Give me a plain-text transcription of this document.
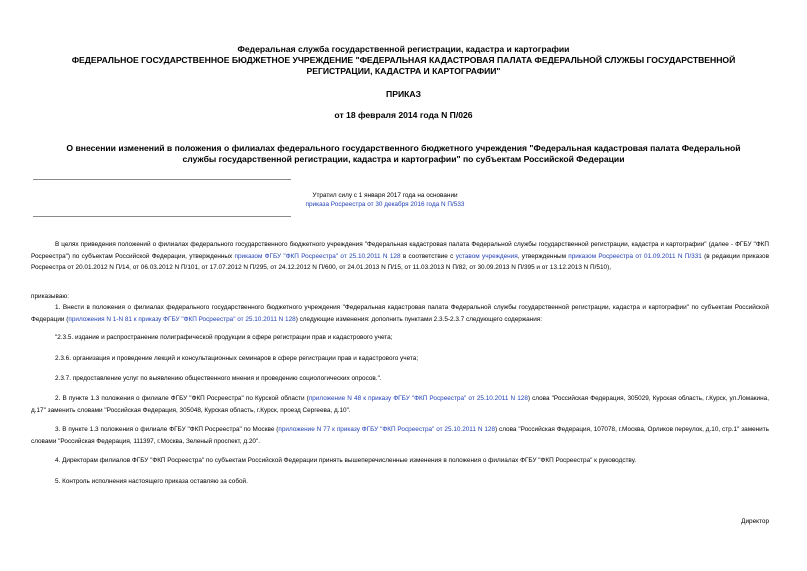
Федеральная служба государственной регистрации, кадастра и картографии
ФЕДЕРАЛЬНОЕ ГОСУДАРСТВЕННОЕ БЮДЖЕТНОЕ УЧРЕЖДЕНИЕ "ФЕДЕРАЛЬНАЯ КАДАСТРОВАЯ ПАЛАТА ФЕДЕРАЛЬНОЙ СЛУЖБЫ ГОСУДАРСТВЕННОЙ
РЕГИСТРАЦИИ, КАДАСТРА И КАРТОГРАФИИ"
ПРИКАЗ
от 18 февраля 2014 года N П/026
О внесении изменений в положения о филиалах федерального государственного бюджетного учреждения "Федеральная кадастровая палата Федеральной
службы государственной регистрации, кадастра и картографии" по субъектам Российской Федерации
Утратил силу с 1 января 2017 года на основании
приказа Росреестра от 30 декабря 2016 года N П/533
В целях приведения положений о филиалах федерального государственного бюджетного учреждения "Федеральная кадастровая палата Федеральной службы государственной регистрации, кадастра и картографии" (далее - ФГБУ "ФКП Росреестра") по субъектам Российской Федерации, утвержденных приказом ФГБУ "ФКП Росреестра" от 25.10.2011 N 128 в соответствие с уставом учреждения, утвержденным приказом Росреестра от 01.09.2011 N П/331 (в редакции приказов Росреестра от 20.01.2012 N П/14, от 06.03.2012 N П/101, от 17.07.2012 N П/295, от 24.12.2012 N П/600, от 24.01.2013 N П/15, от 11.03.2013 N П/82, от 30.09.2013 N П/395 и от 13.12.2013 N П/510),
приказываю:
1. Внести в положения о филиалах федерального государственного бюджетного учреждения "Федеральная кадастровая палата Федеральной службы государственной регистрации, кадастра и картографии" по субъектам Российской Федерации (приложения N 1-N 81 к приказу ФГБУ "ФКП Росреестра" от 25.10.2011 N 128) следующие изменения: дополнить пунктами 2.3.5-2.3.7 следующего содержания:
"2.3.5. издание и распространение полиграфической продукции в сфере регистрации прав и кадастрового учета;
2.3.6. организация и проведение лекций и консультационных семинаров в сфере регистрации прав и кадастрового учета;
2.3.7. предоставление услуг по выявлению общественного мнения и проведению социологических опросов.".
2. В пункте 1.3 положения о филиале ФГБУ "ФКП Росреестра" по Курской области (приложение N 48 к приказу ФГБУ "ФКП Росреестра" от 25.10.2011 N 128) слова "Российская Федерация, 305029, Курская область, г.Курск, ул.Ломакина, д.17" заменить словами "Российская Федерация, 305048, Курская область, г.Курск, проезд Сергеева, д.10".
3. В пункте 1.3 положения о филиале ФГБУ "ФКП Росреестра" по Москве (приложение N 77 к приказу ФГБУ "ФКП Росреестра" от 25.10.2011 N 128) слова "Российская Федерация, 107078, г.Москва, Орликов переулок, д.10, стр.1" заменить словами "Российская Федерация, 111397, г.Москва, Зеленый проспект, д.20".
4. Директорам филиалов ФГБУ "ФКП Росреестра" по субъектам Российской Федерации принять вышеперечисленные изменения в положения о филиалах ФГБУ "ФКП Росреестра" к руководству.
5. Контроль исполнения настоящего приказа оставляю за собой.
Директор
